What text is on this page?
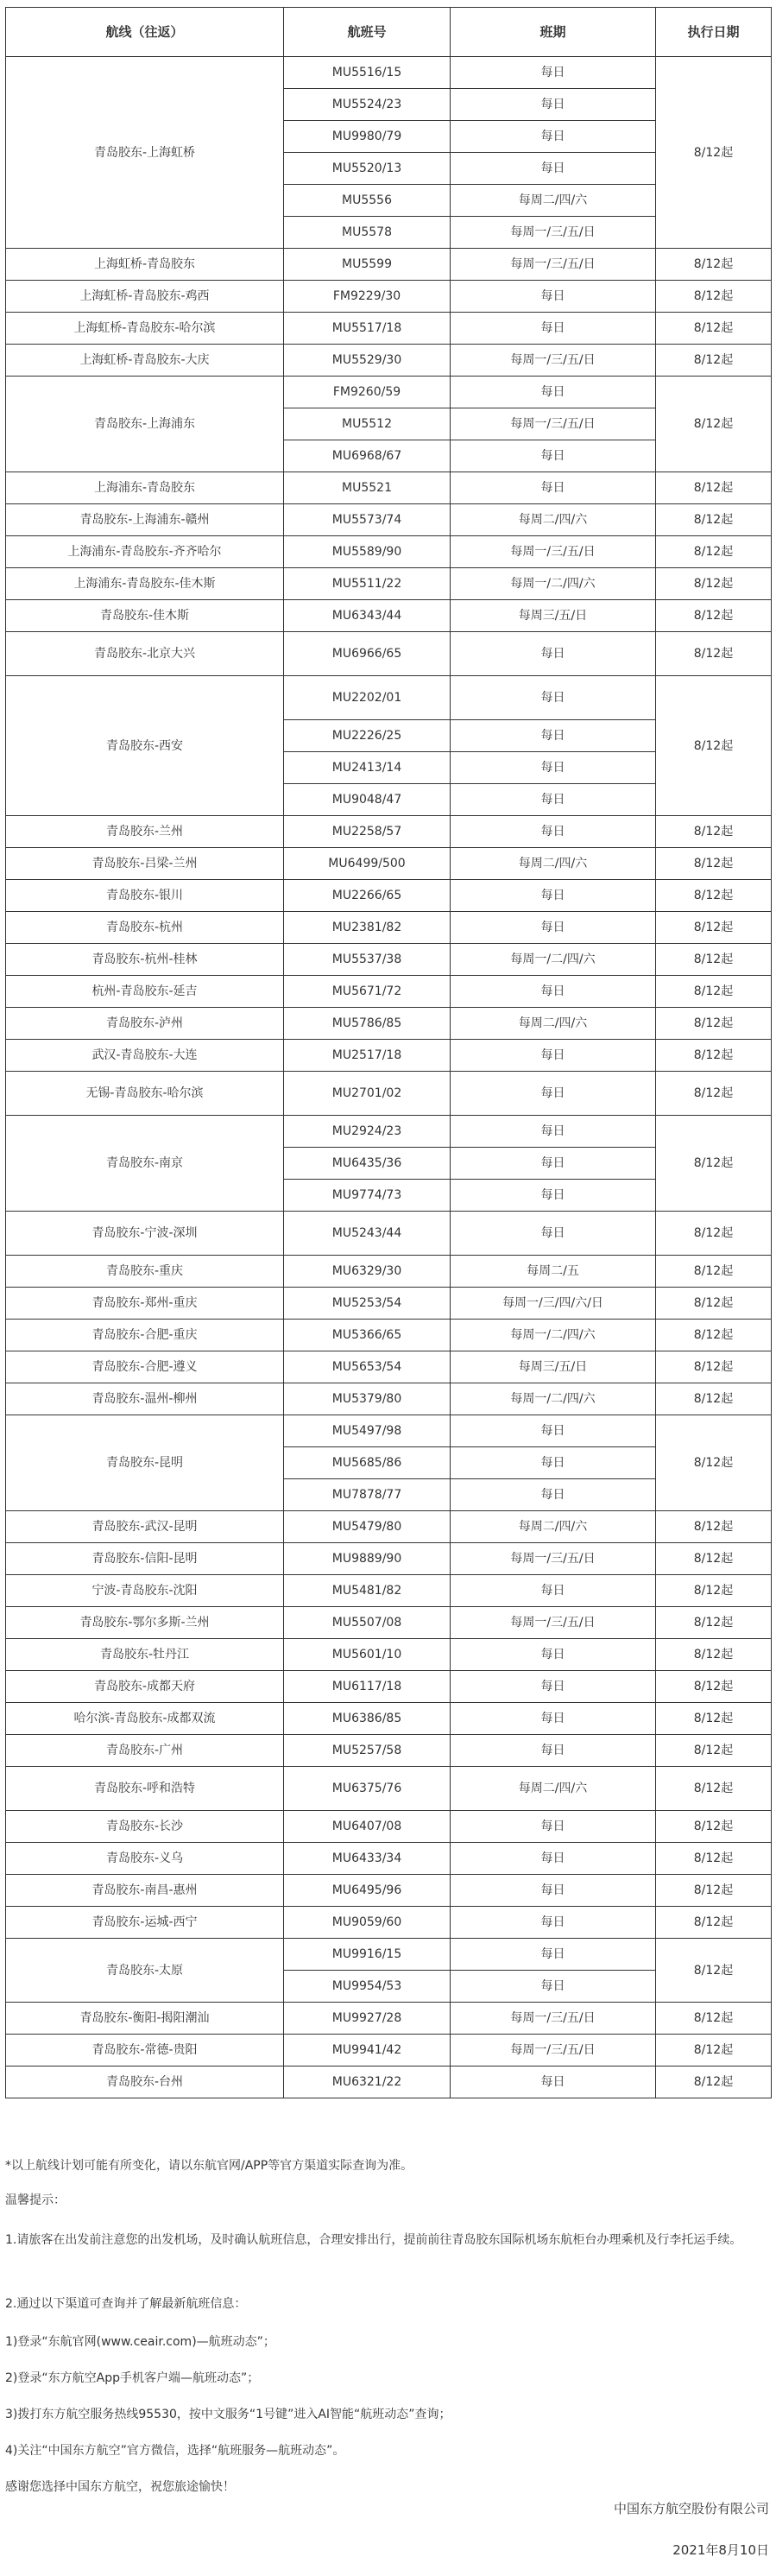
航线（往返）	航班号	班期	执行日期
青岛胶东-上海虹桥	MU5516/15	每日	8/12起
	MU5524/23	每日	
	MU9980/79	每日	
	MU5520/13	每日	
	MU5556	每周二/四/六	
	MU5578	每周一/三/五/日	
上海虹桥-青岛胶东	MU5599	每周一/三/五/日	8/12起
上海虹桥-青岛胶东-鸡西	FM9229/30	每日	8/12起
上海虹桥-青岛胶东-哈尔滨	MU5517/18	每日	8/12起
上海虹桥-青岛胶东-大庆	MU5529/30	每周一/三/五/日	8/12起
青岛胶东-上海浦东	FM9260/59	每日	8/12起
	MU5512	每周一/三/五/日	
	MU6968/67	每日	
上海浦东-青岛胶东	MU5521	每日	8/12起
青岛胶东-上海浦东-赣州	MU5573/74	每周二/四/六	8/12起
上海浦东-青岛胶东-齐齐哈尔	MU5589/90	每周一/三/五/日	8/12起
上海浦东-青岛胶东-佳木斯	MU5511/22	每周一/二/四/六	8/12起
青岛胶东-佳木斯	MU6343/44	每周三/五/日	8/12起
青岛胶东-北京大兴	MU6966/65	每日	8/12起
青岛胶东-西安	MU2202/01	每日	8/12起
	MU2226/25	每日	
	MU2413/14	每日	
	MU9048/47	每日	
青岛胶东-兰州	MU2258/57	每日	8/12起
青岛胶东-吕梁-兰州	MU6499/500	每周二/四/六	8/12起
青岛胶东-银川	MU2266/65	每日	8/12起
青岛胶东-杭州	MU2381/82	每日	8/12起
青岛胶东-杭州-桂林	MU5537/38	每周一/二/四/六	8/12起
杭州-青岛胶东-延吉	MU5671/72	每日	8/12起
青岛胶东-泸州	MU5786/85	每周二/四/六	8/12起
武汉-青岛胶东-大连	MU2517/18	每日	8/12起
无锡-青岛胶东-哈尔滨	MU2701/02	每日	8/12起
青岛胶东-南京	MU2924/23	每日	8/12起
	MU6435/36	每日	
	MU9774/73	每日	
青岛胶东-宁波-深圳	MU5243/44	每日	8/12起
青岛胶东-重庆	MU6329/30	每周二/五	8/12起
青岛胶东-郑州-重庆	MU5253/54	每周一/三/四/六/日	8/12起
青岛胶东-合肥-重庆	MU5366/65	每周一/二/四/六	8/12起
青岛胶东-合肥-遵义	MU5653/54	每周三/五/日	8/12起
青岛胶东-温州-柳州	MU5379/80	每周一/二/四/六	8/12起
青岛胶东-昆明	MU5497/98	每日	8/12起
	MU5685/86	每日	
	MU7878/77	每日	
青岛胶东-武汉-昆明	MU5479/80	每周二/四/六	8/12起
青岛胶东-信阳-昆明	MU9889/90	每周一/三/五/日	8/12起
宁波-青岛胶东-沈阳	MU5481/82	每日	8/12起
青岛胶东-鄂尔多斯-兰州	MU5507/08	每周一/三/五/日	8/12起
青岛胶东-牡丹江	MU5601/10	每日	8/12起
青岛胶东-成都天府	MU6117/18	每日	8/12起
哈尔滨-青岛胶东-成都双流	MU6386/85	每日	8/12起
青岛胶东-广州	MU5257/58	每日	8/12起
青岛胶东-呼和浩特	MU6375/76	每周二/四/六	8/12起
青岛胶东-长沙	MU6407/08	每日	8/12起
青岛胶东-义乌	MU6433/34	每日	8/12起
青岛胶东-南昌-惠州	MU6495/96	每日	8/12起
青岛胶东-运城-西宁	MU9059/60	每日	8/12起
青岛胶东-太原	MU9916/15	每日	8/12起
	MU9954/53	每日	
青岛胶东-衡阳-揭阳潮汕	MU9927/28	每周一/三/五/日	8/12起
青岛胶东-常德-贵阳	MU9941/42	每周一/三/五/日	8/12起
青岛胶东-台州	MU6321/22	每日	8/12起

*以上航线计划可能有所变化，请以东航官网/APP等官方渠道实际查询为准。

温馨提示：

1.请旅客在出发前注意您的出发机场，及时确认航班信息，合理安排出行，提前前往青岛胶东国际机场东航柜台办理乘机及行李托运手续。

2.通过以下渠道可查询并了解最新航班信息：

1)登录“东航官网(www.ceair.com)—航班动态”；

2)登录“东方航空App手机客户端—航班动态”；

3)拨打东方航空服务热线95530，按中文服务“1号键”进入AI智能“航班动态”查询；

4)关注“中国东方航空”官方微信，选择“航班服务—航班动态”。

感谢您选择中国东方航空，祝您旅途愉快！

中国东方航空股份有限公司
2021年8月10日
